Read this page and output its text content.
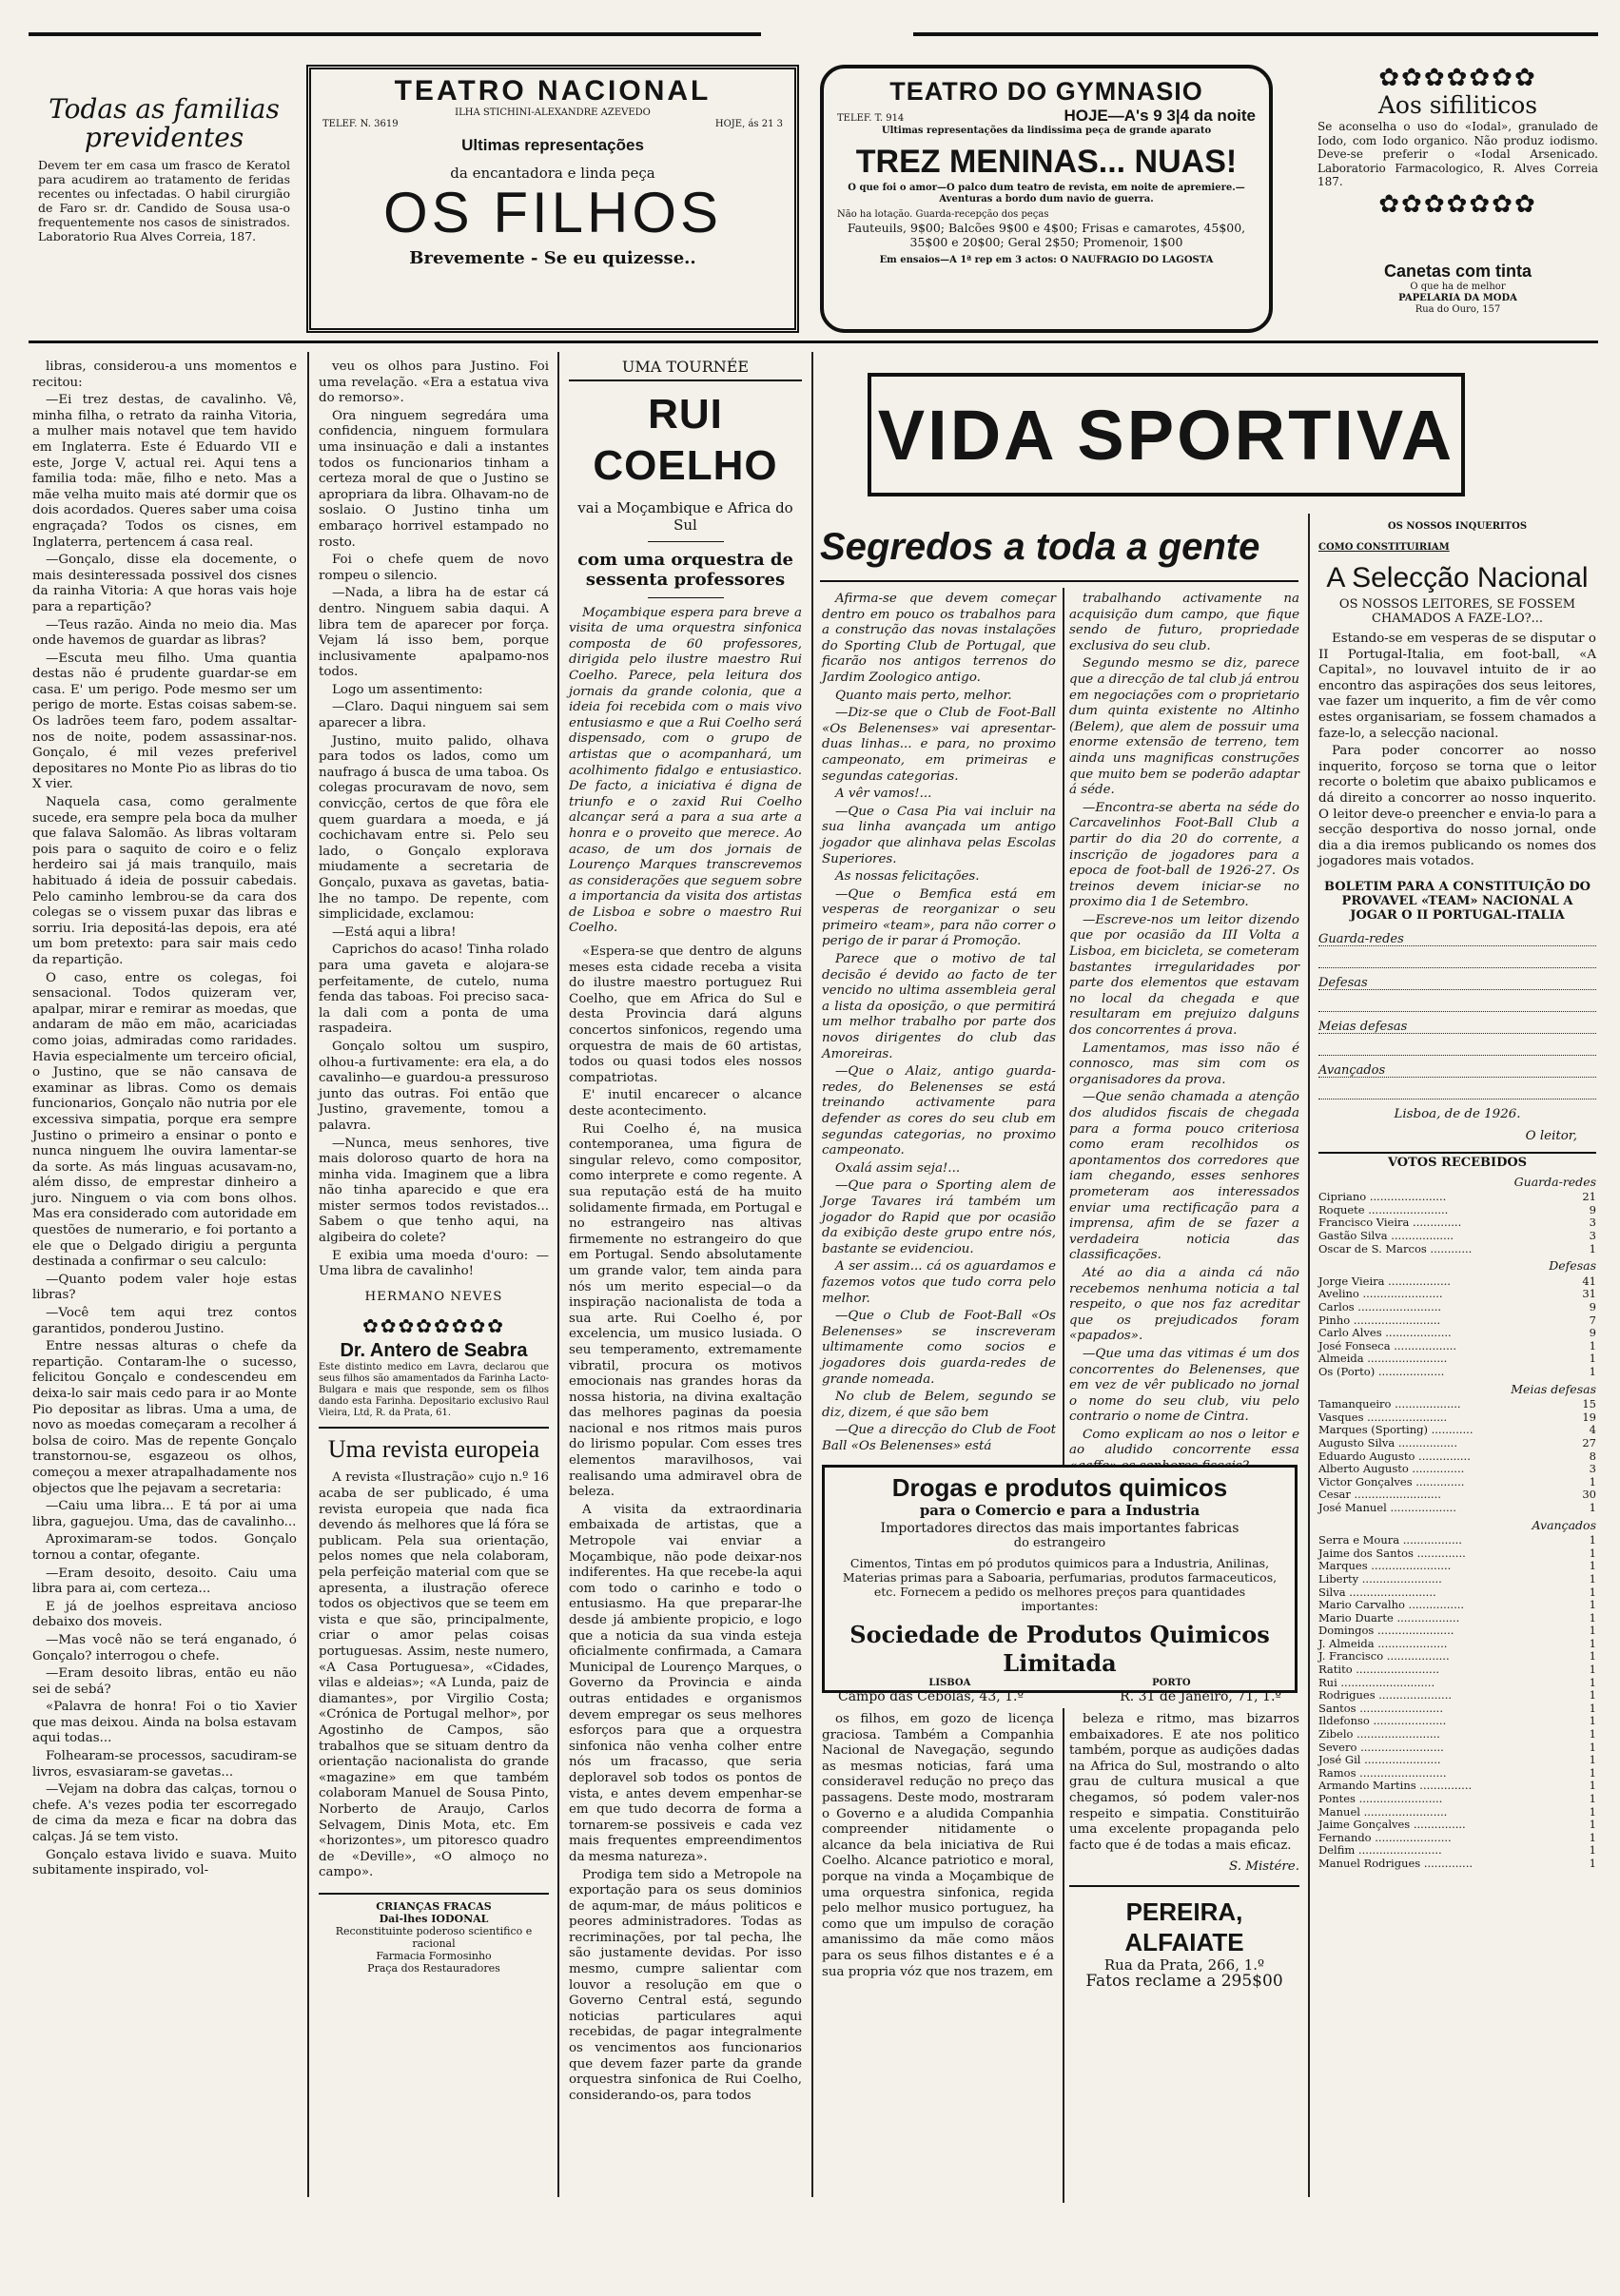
Todas as familias previdentes
Devem ter em casa um frasco de Keratol para acudirem ao tratamento de feridas recentes ou infectadas. O habil cirurgião de Faro sr. dr. Candido de Sousa usa-o frequentemente nos casos de sinistrados. Laboratorio Rua Alves Correia, 187.
TEATRO NACIONAL
ILHA STICHINI-ALEXANDRE AZEVEDO
TELEF. N. 3619	HOJE, ás 21 3
Ultimas representações
da encantadora e linda peça
OS FILHOS
Brevemente - Se eu quizesse..
TEATRO DO GYMNASIO
TELEF. T. 914	HOJE—A's 9 3|4 da noite
Ultimas representações da lindissima peça de grande aparato
TREZ MENINAS... NUAS!
O que foi o amor—O palco dum teatro de revista, em noite de apremiere.—Aventuras a bordo dum navio de guerra.
Não ha lotação. Guarda-recepção dos peças
Fauteuils, 9$00; Balcões 9$00 e 4$00; Frisas e camarotes, 45$00, 35$00 e 20$00; Geral 2$50; Promenoir, 1$00
Em ensaios—A 1ª rep em 3 actos: O NAUFRAGIO DO LAGOSTA
✿✿✿✿✿✿✿
Aos sifiliticos
Se aconselha o uso do «Iodal», granulado de Iodo, com Iodo organico. Não produz iodismo. Deve-se preferir o «Iodal Arsenicado. Laboratorio Farmacologico, R. Alves Correia 187.
✿✿✿✿✿✿✿
Canetas com tinta
O que ha de melhor
PAPELARIA DA MODA
Rua do Ouro, 157

libras, considerou-a uns momentos e recitou:

—Ei trez destas, de cavalinho. Vê, minha filha, o retrato da rainha Vitoria, a mulher mais notavel que tem havido em Inglaterra. Este é Eduardo VII e este, Jorge V, actual rei. Aqui tens a familia toda: mãe, filho e neto. Mas a mãe velha muito mais até dormir que os dois acordados. Queres saber uma coisa engraçada? Todos os cisnes, em Inglaterra, pertencem á casa real.

—Gonçalo, disse ela docemente, o mais desinteressada possivel dos cisnes da rainha Vitoria: A que horas vais hoje para a repartição?

—Teus razão. Ainda no meio dia. Mas onde havemos de guardar as libras?

—Escuta meu filho. Uma quantia destas não é prudente guardar-se em casa. E' um perigo. Pode mesmo ser um perigo de morte. Estas coisas sabem-se. Os ladrões teem faro, podem assaltar-nos de noite, podem assassinar-nos. Gonçalo, é mil vezes preferivel depositares no Monte Pio as libras do tio X vier.

Naquela casa, como geralmente sucede, era sempre pela boca da mulher que falava Salomão. As libras voltaram pois para o saquito de coiro e o feliz herdeiro sai já mais tranquilo, mais habituado á ideia de possuir cabedais. Pelo caminho lembrou-se da cara dos colegas se o vissem puxar das libras e sorriu. Iria depositá-las depois, era até um bom pretexto: para sair mais cedo da repartição.

O caso, entre os colegas, foi sensacional. Todos quizeram ver, apalpar, mirar e remirar as moedas, que andaram de mão em mão, acariciadas como joias, admiradas como raridades. Havia especialmente um terceiro oficial, o Justino, que se não cansava de examinar as libras. Como os demais funcionarios, Gonçalo não nutria por ele excessiva simpatia, porque era sempre Justino o primeiro a ensinar o ponto e nunca ninguem lhe ouvira lamentar-se da sorte. As más linguas acusavam-no, além disso, de emprestar dinheiro a juro. Ninguem o via com bons olhos. Mas era considerado com autoridade em questões de numerario, e foi portanto a ele que o Delgado dirigiu a pergunta destinada a confirmar o seu calculo:

—Quanto podem valer hoje estas libras?

—Você tem aqui trez contos garantidos, ponderou Justino.

Entre nessas alturas o chefe da repartição. Contaram-lhe o sucesso, felicitou Gonçalo e condescendeu em deixa-lo sair mais cedo para ir ao Monte Pio depositar as libras. Uma a uma, de novo as moedas começaram a recolher á bolsa de coiro. Mas de repente Gonçalo transtornou-se, esgazeou os olhos, começou a mexer atrapalhadamente nos objectos que lhe pejavam a secretaria:

—Caiu uma libra... E tá por ai uma libra, gaguejou. Uma, das de cavalinho...

Aproximaram-se todos. Gonçalo tornou a contar, ofegante.

—Eram desoito, desoito. Caiu uma libra para ai, com certeza...

E já de joelhos espreitava ancioso debaixo dos moveis.

—Mas você não se terá enganado, ó Gonçalo? interrogou o chefe.

—Eram desoito libras, então eu não sei de sebá?

«Palavra de honra! Foi o tio Xavier que mas deixou. Ainda na bolsa estavam aqui todas...

Folhearam-se processos, sacudiram-se livros, esvasiaram-se gavetas...

—Vejam na dobra das calças, tornou o chefe. A's vezes podia ter escorregado de cima da meza e ficar na dobra das calças. Já se tem visto.

Gonçalo estava livido e suava. Muito subitamente inspirado, vol-

veu os olhos para Justino. Foi uma revelação. «Era a estatua viva do remorso».

Ora ninguem segredára uma confidencia, ninguem formulara uma insinuação e dali a instantes todos os funcionarios tinham a certeza moral de que o Justino se apropriara da libra. Olhavam-no de soslaio. O Justino tinha um embaraço horrivel estampado no rosto.

Foi o chefe quem de novo rompeu o silencio.

—Nada, a libra ha de estar cá dentro. Ninguem sabia daqui. A libra tem de aparecer por força. Vejam lá isso bem, porque inclusivamente apalpamo-nos todos.

Logo um assentimento:

—Claro. Daqui ninguem sai sem aparecer a libra.

Justino, muito palido, olhava para todos os lados, como um naufrago á busca de uma taboa. Os colegas procuravam de novo, sem convicção, certos de que fôra ele quem guardara a moeda, e já cochichavam entre si. Pelo seu lado, o Gonçalo explorava miudamente a secretaria de Gonçalo, puxava as gavetas, batia-lhe no tampo. De repente, com simplicidade, exclamou:

—Está aqui a libra!

Caprichos do acaso! Tinha rolado para uma gaveta e alojara-se perfeitamente, de cutelo, numa fenda das taboas. Foi preciso saca-la dali com a ponta de uma raspadeira.

Gonçalo soltou um suspiro, olhou-a furtivamente: era ela, a do cavalinho—e guardou-a pressuroso junto das outras. Foi então que Justino, gravemente, tomou a palavra.

—Nunca, meus senhores, tive mais doloroso quarto de hora na minha vida. Imaginem que a libra não tinha aparecido e que era mister sermos todos revistados... Sabem o que tenho aqui, na algibeira do colete?

E exibia uma moeda d'ouro: —Uma libra de cavalinho!

HERMANO NEVES
✿✿✿✿✿✿✿✿
Dr. Antero de Seabra
Este distinto medico em Lavra, declarou que seus filhos são amamentados da Farinha Lacto-Bulgara e mais que responde, sem os filhos dando esta Farinha. Depositario exclusivo Raul Vieira, Ltd, R. da Prata, 61.
Uma revista europeia
A revista «Ilustração» cujo n.º 16 acaba de ser publicado, é uma revista europeia que nada fica devendo ás melhores que lá fóra se publicam. Pela sua orientação, pelos nomes que nela colaboram, pela perfeição material com que se apresenta, a ilustração oferece todos os objectivos que se teem em vista e que são, principalmente, criar o amor pelas coisas portuguesas. Assim, neste numero, «A Casa Portuguesa», «Cidades, vilas e aldeias»; «A Lunda, paiz de diamantes», por Virgilio Costa; «Crónica de Portugal melhor», por Agostinho de Campos, são trabalhos que se situam dentro da orientação nacionalista do grande «magazine» em que também colaboram Manuel de Sousa Pinto, Norberto de Araujo, Carlos Selvagem, Dinis Mota, etc. Em «horizontes», um pitoresco quadro de «Deville», «O almoço no campo».
CRIANÇAS FRACAS
Dai-lhes IODONAL
Reconstituinte poderoso scientifico e racional
Farmacia Formosinho
Praça dos Restauradores
UMA TOURNÉE
RUI COELHO
vai a Moçambique e Africa do Sul
com uma orquestra de sessenta professores
Moçambique espera para breve a visita de uma orquestra sinfonica composta de 60 professores, dirigida pelo ilustre maestro Rui Coelho. Parece, pela leitura dos jornais da grande colonia, que a ideia foi recebida com o mais vivo entusiasmo e que a Rui Coelho será dispensado, com o grupo de artistas que o acompanhará, um acolhimento fidalgo e entusiastico. De facto, a iniciativa é digna de triunfo e o zaxid Rui Coelho alcançar será a para a sua arte a honra e o proveito que merece. Ao acaso, de um dos jornais de Lourenço Marques transcrevemos as considerações que seguem sobre a importancia da visita dos artistas de Lisboa e sobre o maestro Rui Coelho.

«Espera-se que dentro de alguns meses esta cidade receba a visita do ilustre maestro portuguez Rui Coelho, que em Africa do Sul e desta Provincia dará alguns concertos sinfonicos, regendo uma orquestra de mais de 60 artistas, todos ou quasi todos eles nossos compatriotas.

E' inutil encarecer o alcance deste acontecimento.

Rui Coelho é, na musica contemporanea, uma figura de singular relevo, como compositor, como interprete e como regente. A sua reputação está de ha muito solidamente firmada, em Portugal e no estrangeiro nas altivas firmemente no estrangeiro do que em Portugal. Sendo absolutamente um grande valor, tem ainda para nós um merito especial—o da inspiração nacionalista de toda a sua arte. Rui Coelho é, por excelencia, um musico lusiada. O seu temperamento, extremamente vibratil, procura os motivos emocionais nas grandes horas da nossa historia, na divina exaltação das melhores paginas da poesia nacional e nos ritmos mais puros do lirismo popular. Com esses tres elementos maravilhosos, vai realisando uma admiravel obra de beleza.

A visita da extraordinaria embaixada de artistas, que a Metropole vai enviar a Moçambique, não pode deixar-nos indiferentes. Ha que recebe-la aqui com todo o carinho e todo o entusiasmo. Ha que preparar-lhe desde já ambiente propicio, e logo que a noticia da sua vinda esteja oficialmente confirmada, a Camara Municipal de Lourenço Marques, o Governo da Provincia e ainda outras entidades e organismos devem empregar os seus melhores esforços para que a orquestra sinfonica não venha colher entre nós um fracasso, que seria deploravel sob todos os pontos de vista, e antes devem empenhar-se em que tudo decorra de forma a tornarem-se possiveis e cada vez mais frequentes empreendimentos da mesma natureza».

Prodiga tem sido a Metropole na exportação para os seus dominios de aqum-mar, de máus politicos e peores administradores. Todas as recriminações, por tal pecha, lhe são justamente devidas. Por isso mesmo, cumpre salientar com louvor a resolução em que o Governo Central está, segundo noticias particulares aqui recebidas, de pagar integralmente os vencimentos aos funcionarios que devem fazer parte da grande orquestra sinfonica de Rui Coelho, considerando-os, para todos

VIDA SPORTIVA
Segredos a toda a gente

Afirma-se que devem começar dentro em pouco os trabalhos para a construção das novas instalações do Sporting Club de Portugal, que ficarão nos antigos terrenos do Jardim Zoologico antigo.

Quanto mais perto, melhor.

—Diz-se que o Club de Foot-Ball «Os Belenenses» vai apresentar-duas linhas... e para, no proximo campeonato, em primeiras e segundas categorias.

A vêr vamos!...

—Que o Casa Pia vai incluir na sua linha avançada um antigo jogador que alinhava pelas Escolas Superiores.

As nossas felicitações.

—Que o Bemfica está em vesperas de reorganizar o seu primeiro «team», para não correr o perigo de ir parar á Promoção.

Parece que o motivo de tal decisão é devido ao facto de ter vencido no ultima assembleia geral a lista da oposição, o que permitirá um melhor trabalho por parte dos novos dirigentes do club das Amoreiras.

—Que o Alaiz, antigo guarda-redes, do Belenenses se está treinando activamente para defender as cores do seu club em segundas categorias, no proximo campeonato.

Oxalá assim seja!...

—Que para o Sporting alem de Jorge Tavares irá também um jogador do Rapid que por ocasião da exibição deste grupo entre nós, bastante se evidenciou.

A ser assim... cá os aguardamos e fazemos votos que tudo corra pelo melhor.

—Que o Club de Foot-Ball «Os Belenenses» se inscreveram ultimamente como socios e jogadores dois guarda-redes de grande nomeada.

No club de Belem, segundo se diz, dizem, é que são bem

—Que a direcção do Club de Foot Ball «Os Belenenses» está

trabalhando activamente na acquisição dum campo, que fique sendo de futuro, propriedade exclusiva do seu club.

Segundo mesmo se diz, parece que a direcção de tal club já entrou em negociações com o proprietario dum quinta existente no Altinho (Belem), que alem de possuir uma enorme extensão de terreno, tem ainda uns magnificas construções que muito bem se poderão adaptar á séde.

—Encontra-se aberta na séde do Carcavelinhos Foot-Ball Club a partir do dia 20 do corrente, a inscrição de jogadores para a epoca de foot-ball de 1926-27. Os treinos devem iniciar-se no proximo dia 1 de Setembro.

—Escreve-nos um leitor dizendo que por ocasião da III Volta a Lisboa, em bicicleta, se cometeram bastantes irregularidades por parte dos elementos que estavam no local da chegada e que resultaram em prejuizo dalguns dos concorrentes á prova.

Lamentamos, mas isso não é connosco, mas sim com os organisadores da prova.

—Que senão chamada a atenção dos aludidos fiscais de chegada para a forma pouco criteriosa como eram recolhidos os apontamentos dos corredores que iam chegando, esses senhores prometeram aos interessados enviar uma rectificação para a imprensa, afim de se fazer a verdadeira noticia das classificações.

Até ao dia a ainda cá não recebemos nenhuma noticia a tal respeito, o que nos faz acreditar que os prejudicados foram «papados».

—Que uma das vitimas é um dos concorrentes do Belenenses, que em vez de vêr publicado no jornal o nome do seu club, viu pelo contrario o nome de Cintra.

Como explicam ao nos o leitor e ao aludido concorrente essa

Drogas e produtos quimicos
para o Comercio e para a Industria
Importadores directos das mais importantes fabricas
do estrangeiro
Cimentos, Tintas em pó produtos quimicos para a Industria, Anilinas, Materias primas para a Saboaria, perfumarias, produtos farmaceuticos, etc. Fornecem a pedido os melhores preços para quantidades importantes:
Sociedade de Produtos Quimicos Limitada
LISBOA	PORTO
Campo das Cebolas, 43, 1.º	R. 31 de Janeiro, 71, 1.º

os filhos, em gozo de licença graciosa. Também a Companhia Nacional de Navegação, segundo as mesmas noticias, fará uma consideravel redução no preço das passagens. Deste modo, mostraram o Governo e a aludida Companhia compreender nitidamente o alcance da bela iniciativa de Rui Coelho. Alcance patriotico e moral, porque na vinda a Moçambique de uma orquestra sinfonica, regida pelo melhor musico portuguez, ha como que um impulso de coração amanissimo da mãe como mãos para os seus filhos distantes e é a sua propria vóz que nos trazem, em

beleza e ritmo, mas bizarros embaixadores. E ate nos politico também, porque as audições dadas na Africa do Sul, mostrando o alto grau de cultura musical a que chegamos, só podem valer-nos respeito e simpatia. Constituirão uma excelente propaganda pelo facto que é de todas a mais eficaz.

S. Mistére.
PEREIRA, ALFAIATE
Rua da Prata, 266, 1.º
Fatos reclame a 295$00
OS NOSSOS INQUERITOS
COMO CONSTITUIRIAM
A Selecção Nacional
OS NOSSOS LEITORES, SE FOSSEM CHAMADOS A FAZE-LO?...

Estando-se em vesperas de se disputar o II Portugal-Italia, em foot-ball, «A Capital», no louvavel intuito de ir ao encontro das aspirações dos seus leitores, vae fazer um inquerito, a fim de vêr como estes organisariam, se fossem chamados a faze-lo, a selecção nacional.

Para poder concorrer ao nosso inquerito, forçoso se torna que o leitor recorte o boletim que abaixo publicamos e dá direito a concorrer ao nosso inquerito. O leitor deve-o preencher e envia-lo para a secção desportiva do nosso jornal, onde dia a dia iremos publicando os nomes dos jogadores mais votados.

BOLETIM PARA A CONSTITUIÇÃO DO PROVAVEL «TEAM» NACIONAL A JOGAR O II PORTUGAL-ITALIA
Guarda-redes
Defesas
Meias defesas
Avançados
Lisboa, de de 1926.
O leitor,
VOTOS RECEBIDOS
Guarda-redes
Cipriano ......................	21
Roquete .......................	9
Francisco Vieira ..............	3
Gastão Silva ..................	3
Oscar de S. Marcos ............	1
Defesas
Jorge Vieira ..................	41
Avelino .......................	31
Carlos ........................	9
Pinho .........................	7
Carlo Alves ...................	9
José Fonseca ..................	1
Almeida .......................	1
Os (Porto) ...................	1
Meias defesas
Tamanqueiro ...................	15
Vasques .......................	19
Marques (Sporting) ............	4
Augusto Silva .................	27
Eduardo Augusto ...............	8
Alberto Augusto ...............	3
Victor Gonçalves ..............	1
Cesar .........................	30
José Manuel ...................	1
Avançados
Serra e Moura .................	1
Jaime dos Santos ..............	1
Marques .......................	1
Liberty .......................	1
Silva .........................	1
Mario Carvalho ................	1
Mario Duarte ..................	1
Domingos ......................	1
J. Almeida ....................	1
J. Francisco ..................	1
Ratito ........................	1
Rui ...........................	1
Rodrigues .....................	1
Santos ........................	1
Ildefonso .....................	1
Zibelo ........................	1
Severo ........................	1
José Gil ......................	1
Ramos .........................	1
Armando Martins ...............	1
Pontes ........................	1
Manuel ........................	1
Jaime Gonçalves ...............	1
Fernando ......................	1
Delfim ........................	1
Manuel Rodrigues ..............	1
